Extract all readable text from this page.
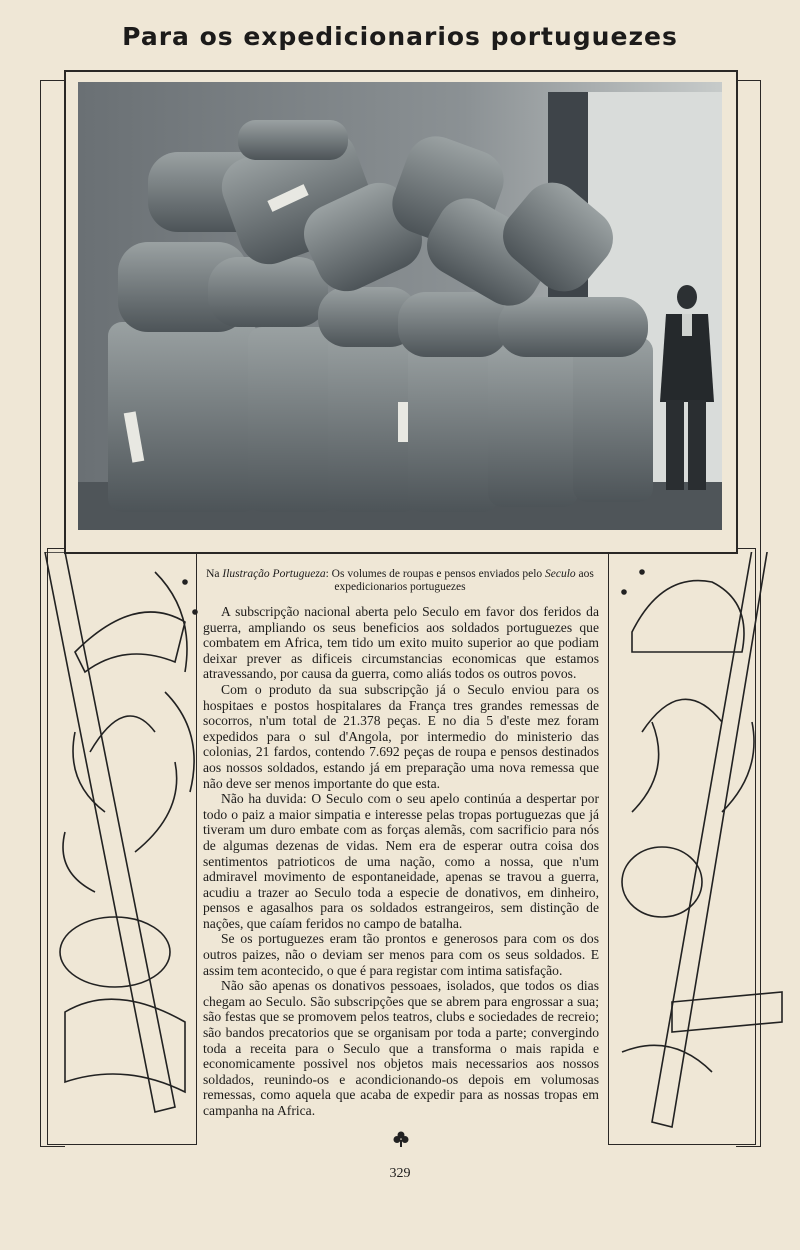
Para os expedicionarios portuguezes
Na Ilustração Portugueza: Os volumes de roupas e pensos enviados pelo Seculo aos expedicionarios portuguezes

A subscripção nacional aberta pelo Seculo em favor dos feridos da guerra, ampliando os seus beneficios aos soldados portuguezes que combatem em Africa, tem tido um exito muito superior ao que podiam deixar prever as dificeis circumstancias economicas que estamos atravessando, por causa da guerra, como aliás todos os outros povos.

Com o produto da sua subscripção já o Seculo enviou para os hospitaes e postos hospitalares da França tres grandes remessas de socorros, n'um total de 21.378 peças. E no dia 5 d'este mez foram expedidos para o sul d'Angola, por intermedio do ministerio das colonias, 21 fardos, contendo 7.692 peças de roupa e pensos destinados aos nossos soldados, estando já em preparação uma nova remessa que não deve ser menos importante do que esta.

Não ha duvida: O Seculo com o seu apelo continúa a despertar por todo o paiz a maior simpatia e interesse pelas tropas portuguezas que já tiveram um duro embate com as forças alemãs, com sacrificio para nós de algumas dezenas de vidas. Nem era de esperar outra coisa dos sentimentos patrioticos de uma nação, como a nossa, que n'um admiravel movimento de espontaneidade, apenas se travou a guerra, acudiu a trazer ao Seculo toda a especie de donativos, em dinheiro, pensos e agasalhos para os soldados estrangeiros, sem distinção de nações, que caíam feridos no campo de batalha.

Se os portuguezes eram tão prontos e generosos para com os dos outros paizes, não o deviam ser menos para com os seus soldados. E assim tem acontecido, o que é para registar com intima satisfação.

Não são apenas os donativos pessoaes, isolados, que todos os dias chegam ao Seculo. São subscripções que se abrem para engrossar a sua; são festas que se promovem pelos teatros, clubs e sociedades de recreio; são bandos precatorios que se organisam por toda a parte; convergindo toda a receita para o Seculo que a transforma o mais rapida e economicamente possivel nos objetos mais necessarios aos nossos soldados, reunindo-os e acondicionando-os depois em volumosas remessas, como aquela que acaba de expedir para as nossas tropas em campanha na Africa.

329
